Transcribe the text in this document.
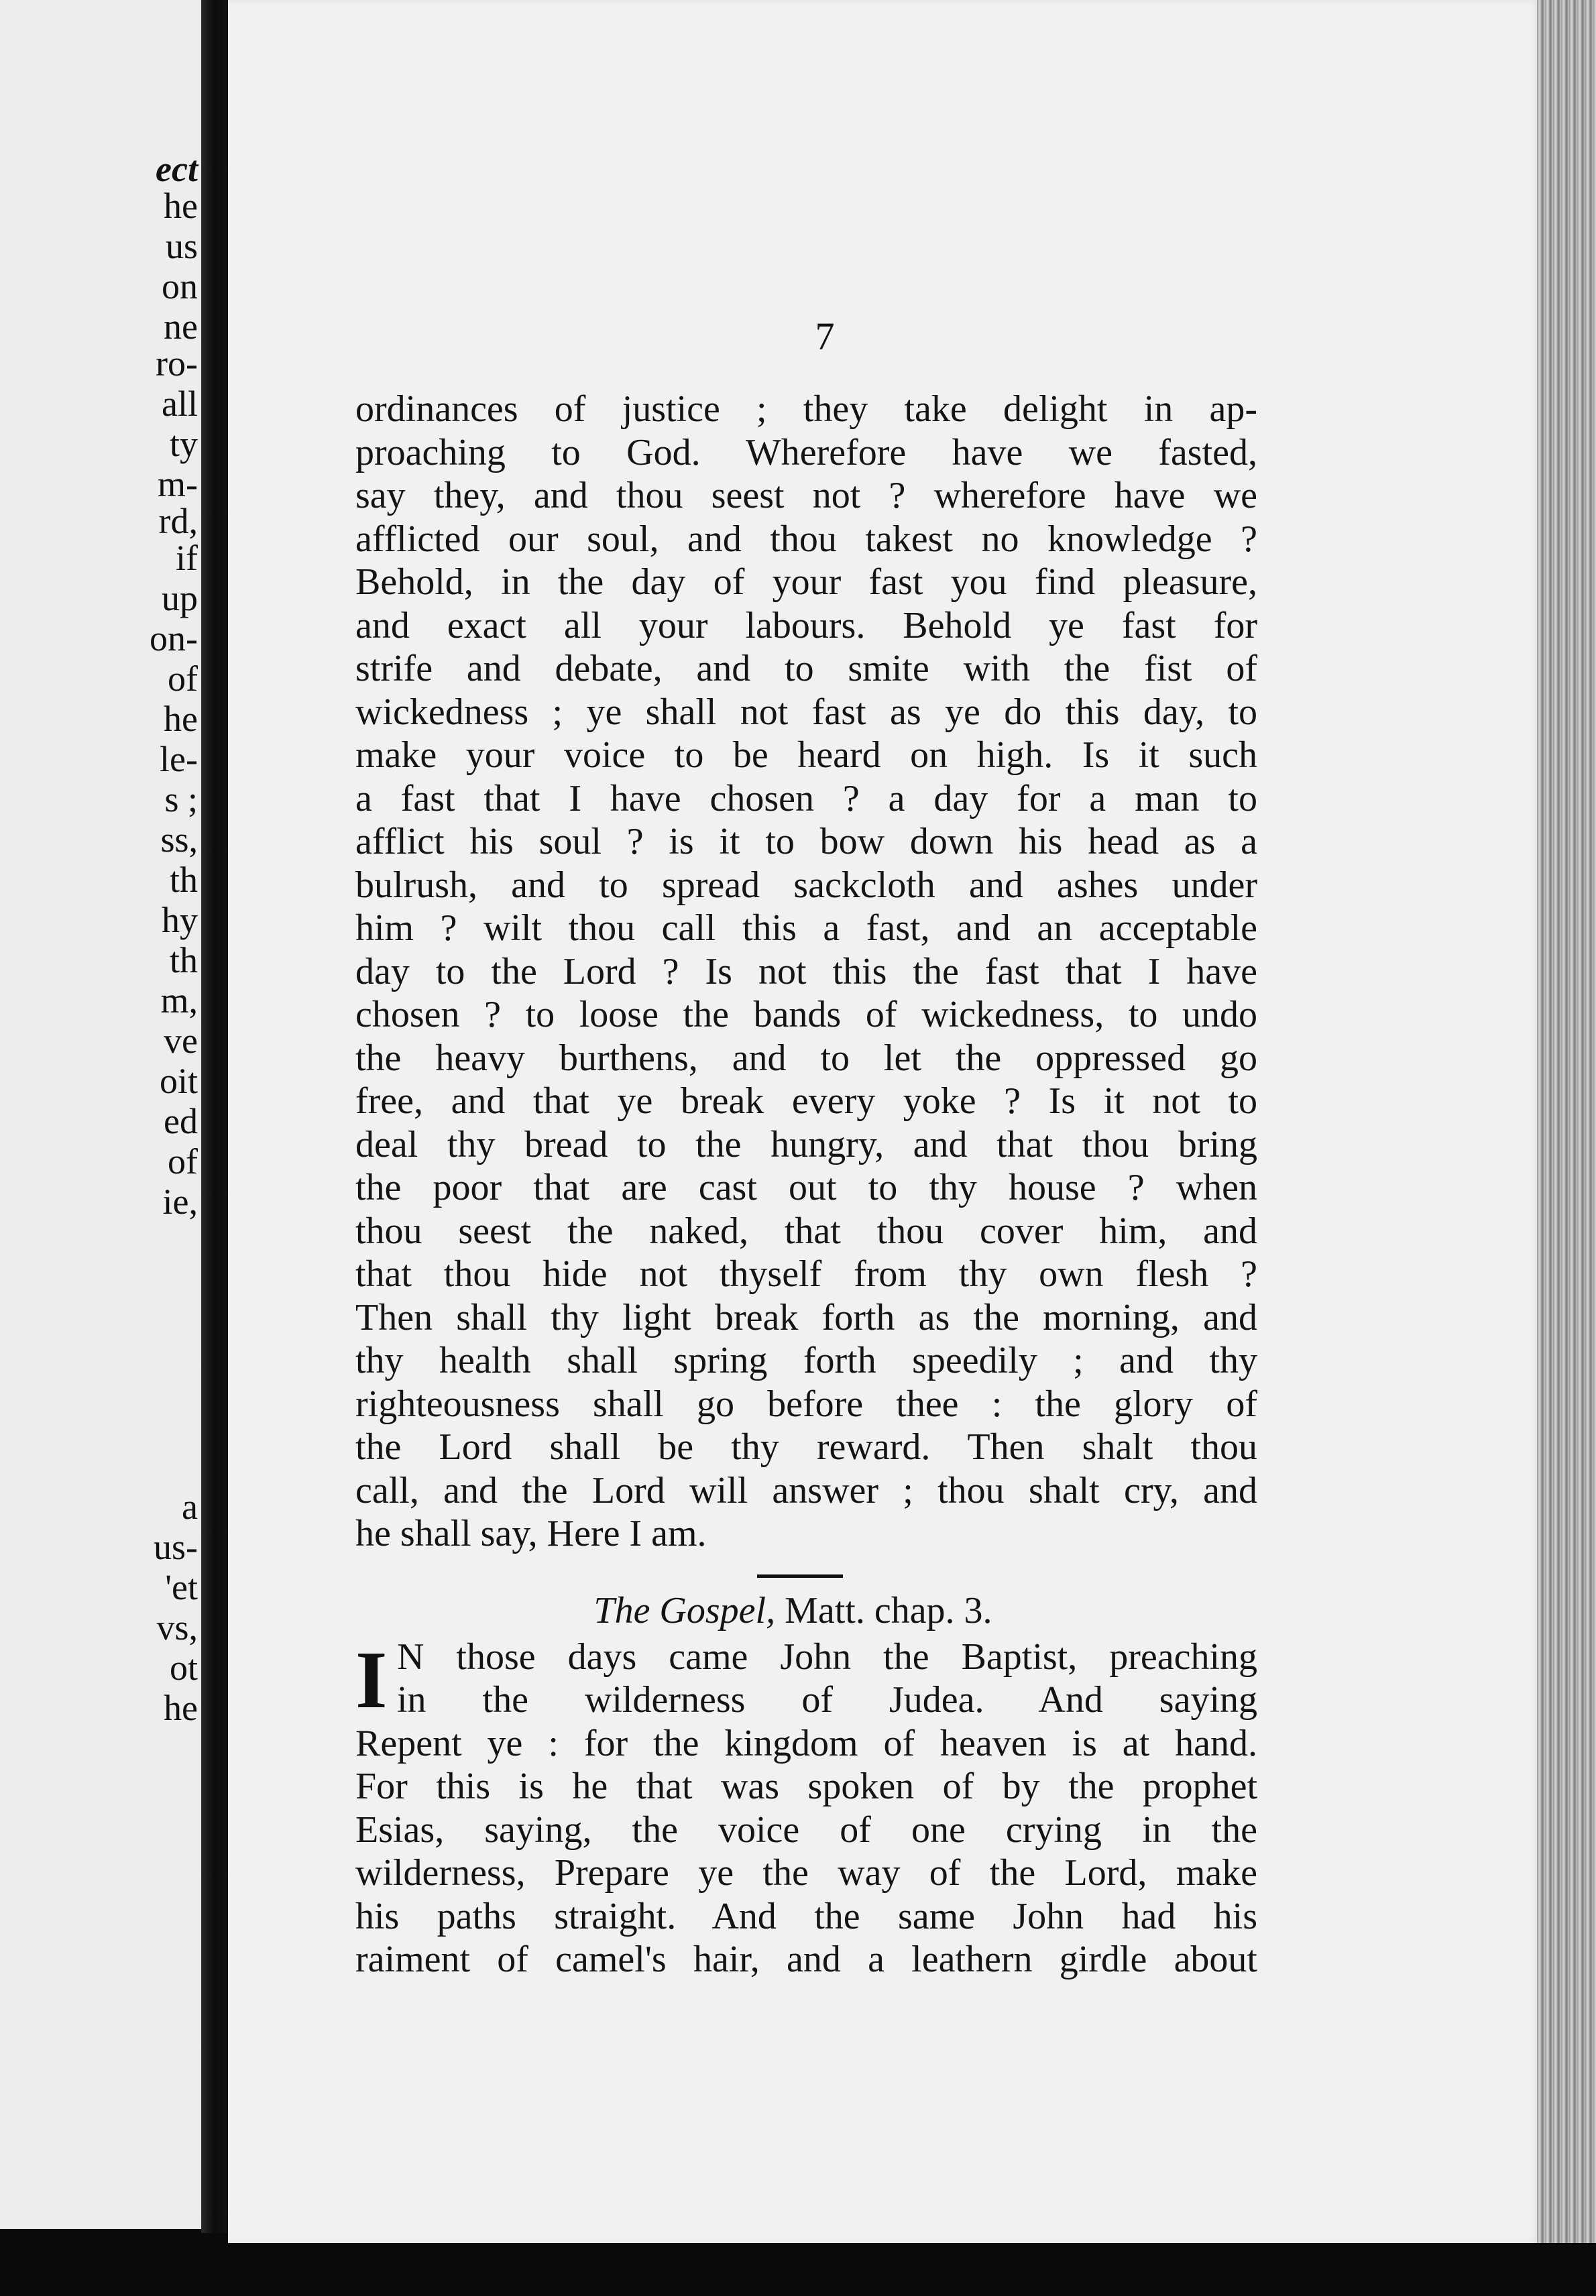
ect
he
us
on
ne
ro-
all
ty
m-
rd,
if
up
on-
of
he
le-
s ;
ss,
th
hy
th
m,
ve
oit
ed
of
ie,
a
us-
'et
vs,
ot
he
7
ordinances of justice ; they take delight in ap-
proaching to God. Wherefore have we fasted,
say they, and thou seest not ? wherefore have we
afflicted our soul, and thou takest no knowledge ?
Behold, in the day of your fast you find pleasure,
and exact all your labours. Behold ye fast for
strife and debate, and to smite with the fist of
wickedness ; ye shall not fast as ye do this day, to
make your voice to be heard on high. Is it such
a fast that I have chosen ? a day for a man to
afflict his soul ? is it to bow down his head as a
bulrush, and to spread sackcloth and ashes under
him ? wilt thou call this a fast, and an acceptable
day to the Lord ? Is not this the fast that I have
chosen ? to loose the bands of wickedness, to undo
the heavy burthens, and to let the oppressed go
free, and that ye break every yoke ? Is it not to
deal thy bread to the hungry, and that thou bring
the poor that are cast out to thy house ? when
thou seest the naked, that thou cover him, and
that thou hide not thyself from thy own flesh ?
Then shall thy light break forth as the morning, and
thy health shall spring forth speedily ; and thy
righteousness shall go before thee : the glory of
the Lord shall be thy reward. Then shalt thou
call, and the Lord will answer ; thou shalt cry, and
he shall say, Here I am.
The Gospel, Matt. chap. 3.
I N those days came John the Baptist, preaching
in the wilderness of Judea. And saying
Repent ye : for the kingdom of heaven is at hand.
For this is he that was spoken of by the prophet
Esias, saying, the voice of one crying in the
wilderness, Prepare ye the way of the Lord, make
his paths straight. And the same John had his
raiment of camel's hair, and a leathern girdle about
